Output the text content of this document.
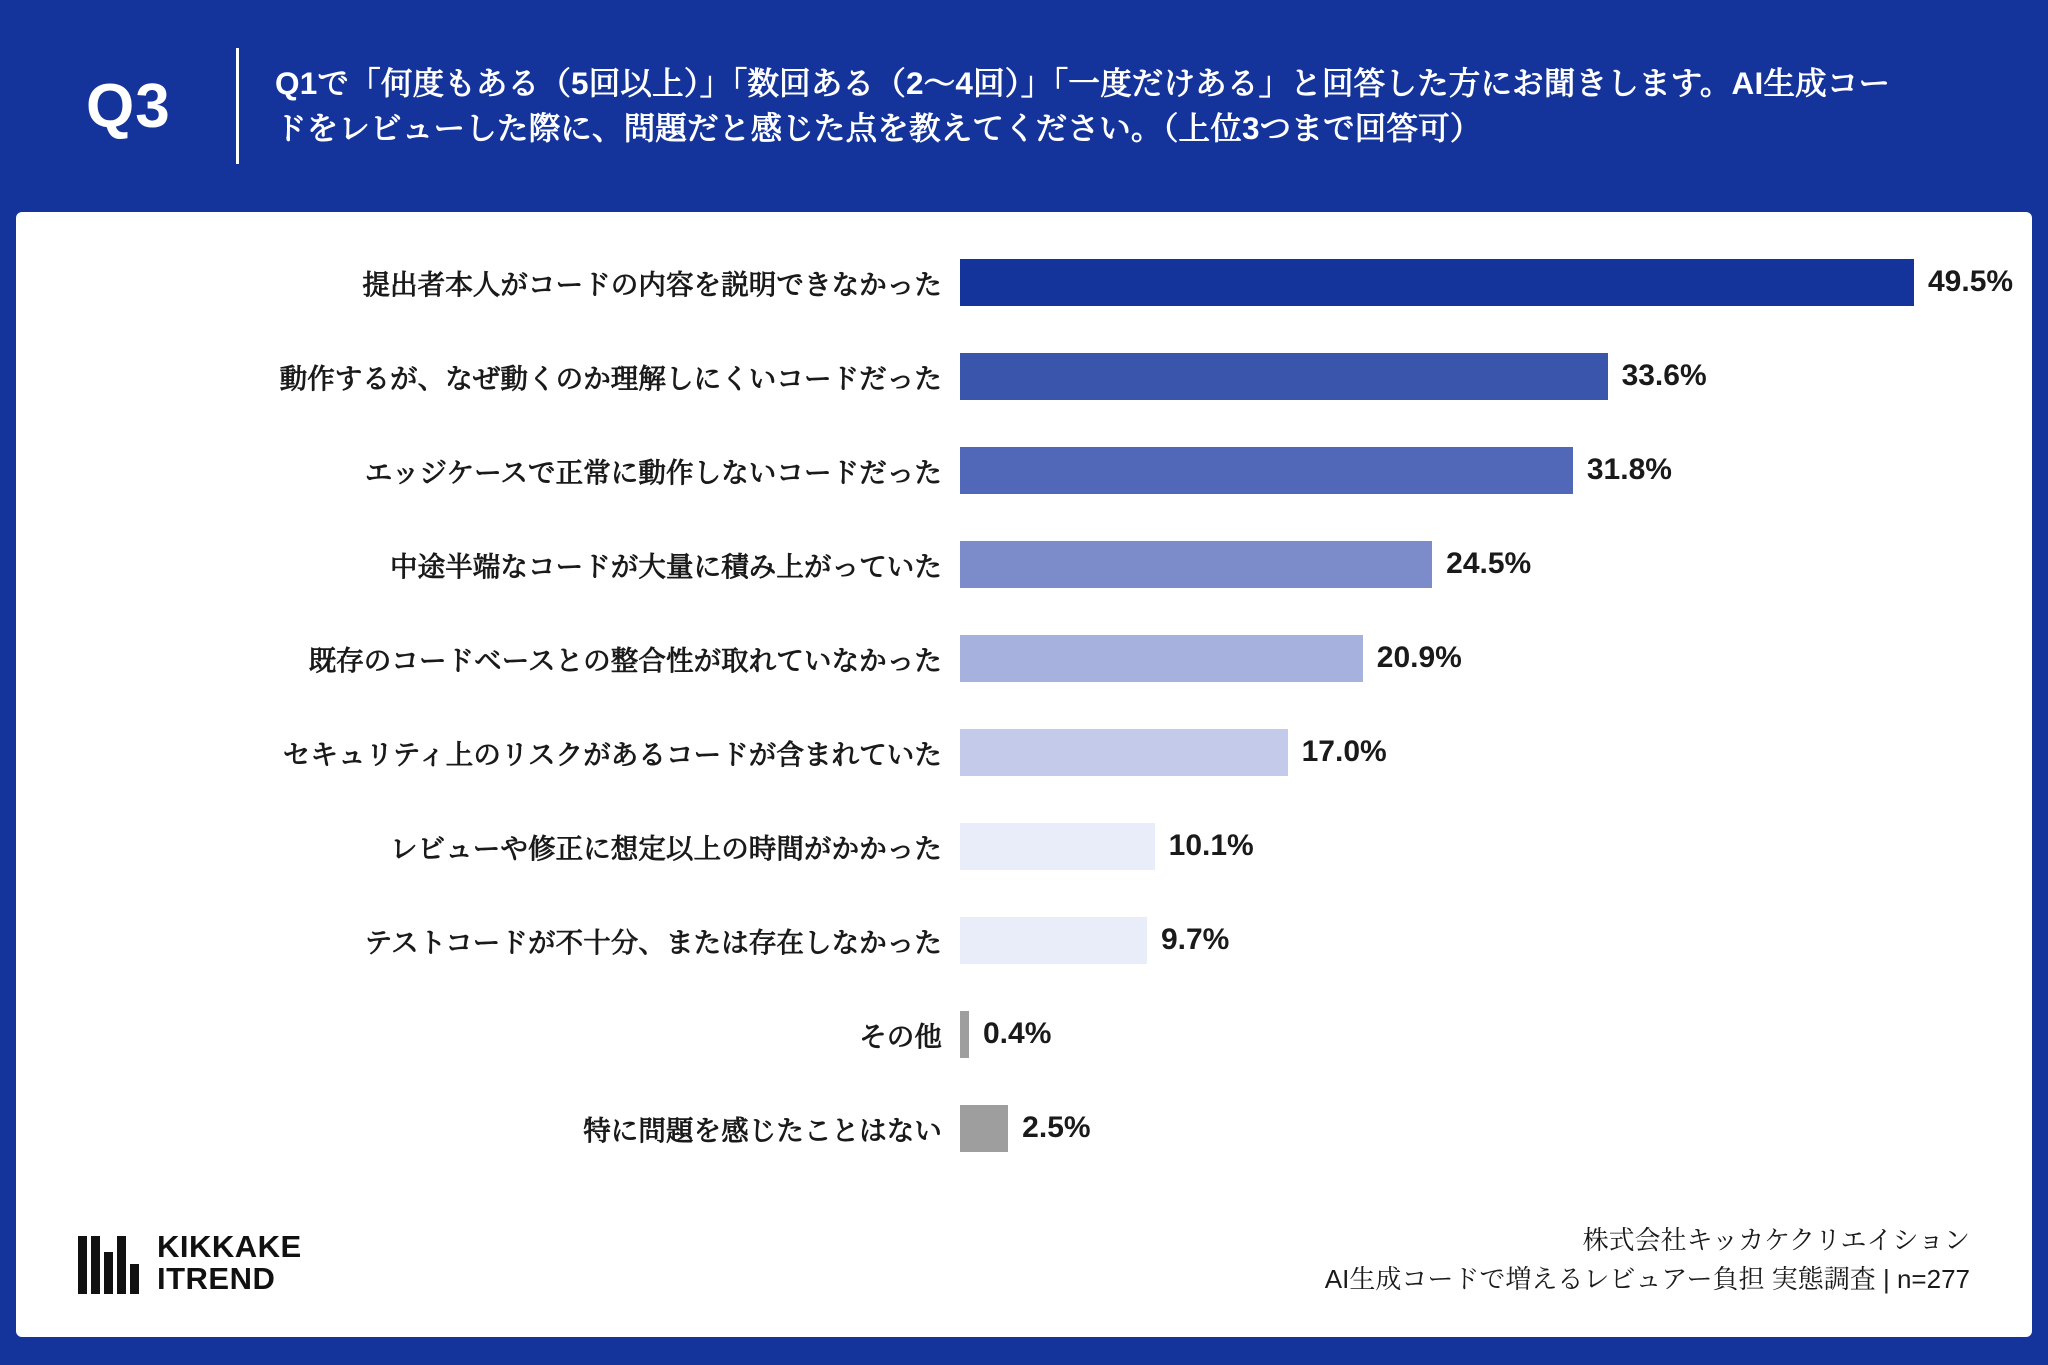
Q3	Q1で「何度もある（5回以上）」「数回ある（2〜4回）」「一度だけある」と回答した方にお聞きします。AI生成コードをレビューした際に、問題だと感じた点を教えてください。（上位3つまで回答可）
提出者本人がコードの内容を説明できなかった	49.5%
動作するが、なぜ動くのか理解しにくいコードだった	33.6%
エッジケースで正常に動作しないコードだった	31.8%
中途半端なコードが大量に積み上がっていた	24.5%
既存のコードベースとの整合性が取れていなかった	20.9%
セキュリティ上のリスクがあるコードが含まれていた	17.0%
レビューや修正に想定以上の時間がかかった	10.1%
テストコードが不十分、または存在しなかった	9.7%
その他	0.4%
特に問題を感じたことはない	2.5%
KIKKAKE
ITREND
株式会社キッカケクリエイション
AI生成コードで増えるレビュアー負担 実態調査 | n=277
